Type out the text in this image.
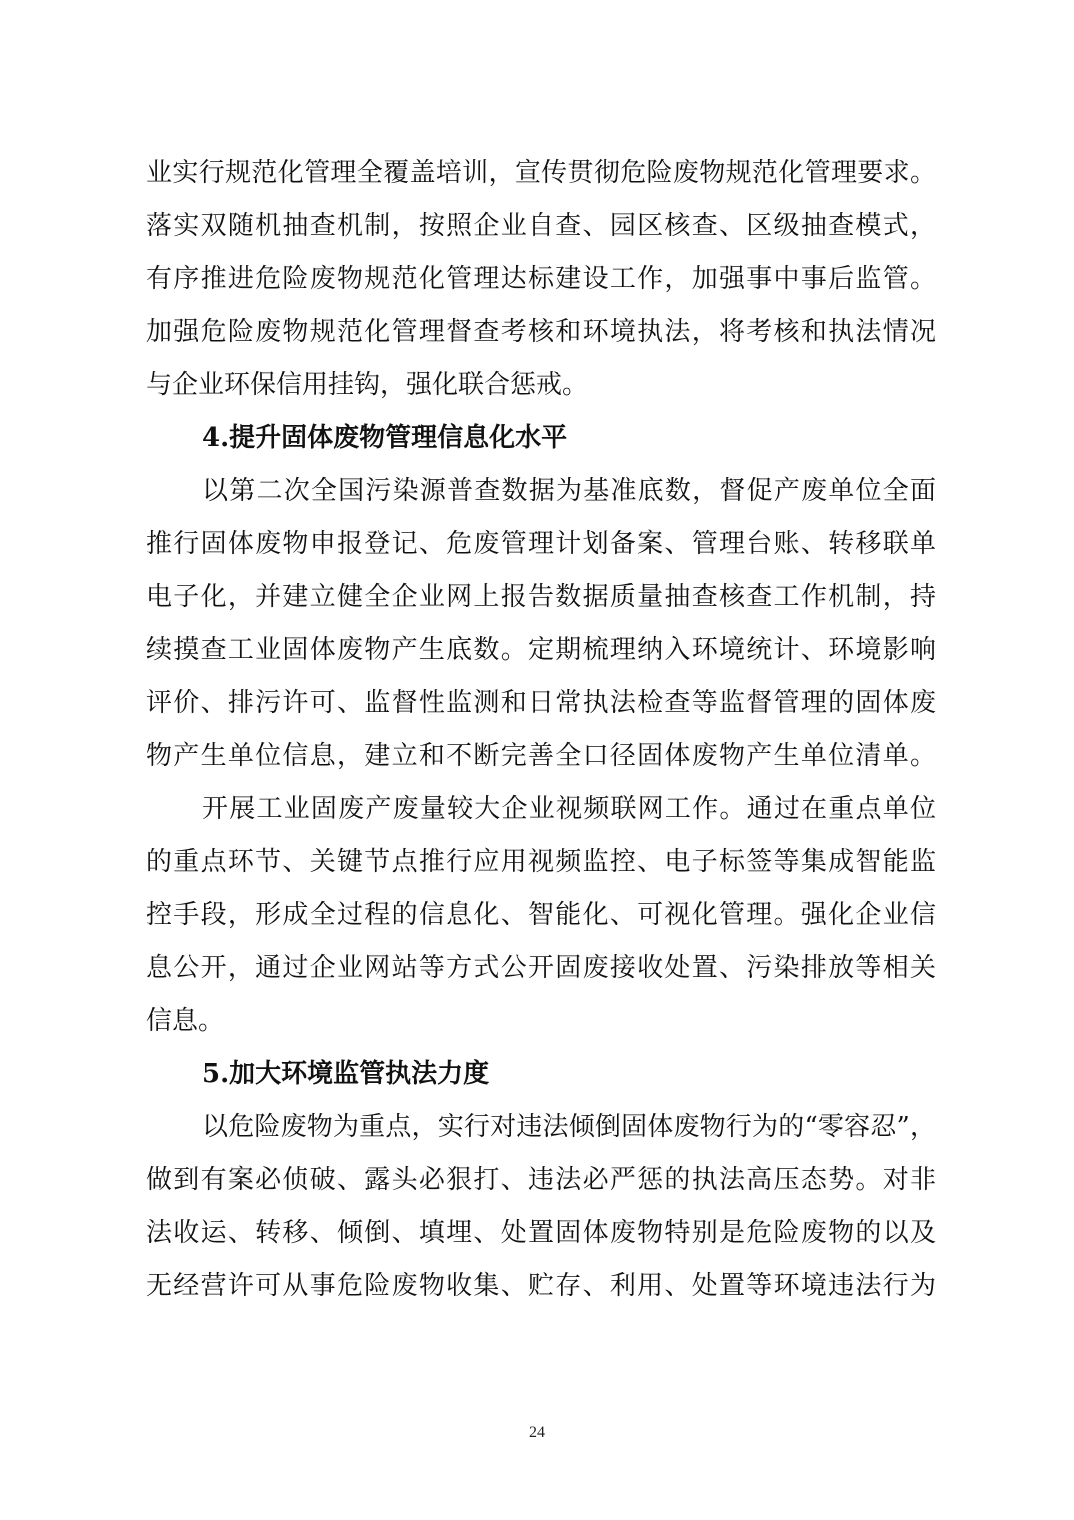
业实行规范化管理全覆盖培训，宣传贯彻危险废物规范化管理要求。
落实双随机抽查机制，按照企业自查、园区核查、区级抽查模式，
有序推进危险废物规范化管理达标建设工作，加强事中事后监管。
加强危险废物规范化管理督查考核和环境执法，将考核和执法情况
与企业环保信用挂钩，强化联合惩戒。
4.提升固体废物管理信息化水平
以第二次全国污染源普查数据为基准底数，督促产废单位全面
推行固体废物申报登记、危废管理计划备案、管理台账、转移联单
电子化，并建立健全企业网上报告数据质量抽查核查工作机制，持
续摸查工业固体废物产生底数。定期梳理纳入环境统计、环境影响
评价、排污许可、监督性监测和日常执法检查等监督管理的固体废
物产生单位信息，建立和不断完善全口径固体废物产生单位清单。
开展工业固废产废量较大企业视频联网工作。通过在重点单位
的重点环节、关键节点推行应用视频监控、电子标签等集成智能监
控手段，形成全过程的信息化、智能化、可视化管理。强化企业信
息公开，通过企业网站等方式公开固废接收处置、污染排放等相关
信息。
5.加大环境监管执法力度
以危险废物为重点，实行对违法倾倒固体废物行为的“零容忍”，
做到有案必侦破、露头必狠打、违法必严惩的执法高压态势。对非
法收运、转移、倾倒、填埋、处置固体废物特别是危险废物的以及
无经营许可从事危险废物收集、贮存、利用、处置等环境违法行为
24
